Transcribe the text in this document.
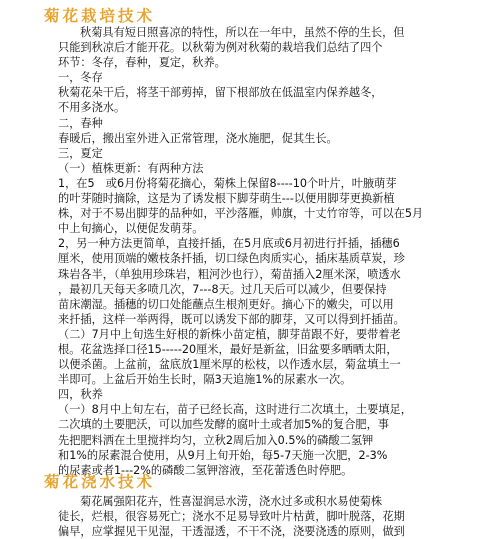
菊花栽培技术
秋菊具有短日照喜凉的特性，所以在一年中，虽然不停的生长，但
只能到秋凉后才能开花。以秋菊为例对秋菊的栽培我们总结了四个
环节：冬存，春种，夏定，秋养。
一，冬存
秋菊花朵干后，将茎干部剪掉，留下根部放在低温室内保养越冬，
不用多浇水。
二，春种
春暖后，搬出室外进入正常管理，浇水施肥，促其生长。
三，夏定
（一）植株更新：有两种方法
1，在5　或6月份将菊花摘心，菊株上保留8----10个叶片，叶腋萌芽
的叶芽随时摘除，这是为了诱发根下脚芽萌生---以便用脚芽更换新植
株，对于不易出脚芽的品种如，平沙落雁，帅旗，十丈竹帘等，可以在5月
中上旬摘心，以便促发萌芽。
2，另一种方法更简单，直接扦插，在5月底或6月初进行扦插，插穗6
厘米，使用顶端的嫩枝条扦插，切口绿色肉质实心，插床基质草炭，珍
珠岩各半，（单独用珍珠岩，粗河沙也行），菊苗插入2厘米深，喷透水
，最初几天每天多喷几次，7---8天。过几天后可以减少，但要保持
苗床潮湿。插穗的切口处能蘸点生根剂更好。摘心下的嫩尖，可以用
来扦插，这样一举两得，既可以诱发下部的脚芽，又可以得到扦插苗。
（二）7月中上旬选生好根的新株小苗定植，脚芽苗跟不好，要带着老
根。花盆选择口径15-----20厘米，最好是新盆，旧盆要多晒晒太阳，
以便杀菌。上盆前，盆底放1厘米厚的松枝，以作透水层，菊盆填土一
半即可。上盆后开始生长时，隔3天追施1%的尿素水一次。
四，秋养
（一）8月中上旬左右，苗子已经长高，这时进行二次填土，土要填足，
二次填的土要肥沃，可以加些发酵的腐叶土或者加5%的复合肥，事
先把肥料洒在土里搅拌均匀，立秋2周后加入0.5%的磷酸二氢钾
和1%的尿素混合使用，从9月上旬开始，每5-7天施一次肥，2-3%
的尿素或者1---2%的磷酸二氢钾溶液，至花蕾透色时停肥。
菊花浇水技术
菊花属强阳花卉，性喜湿润忌水涝，浇水过多或积水易使菊株
徒长，烂根，很容易死亡；浇水不足易导致叶片枯黄，脚叶脱落，花期
偏早，应掌握见干见湿，干透湿透，不干不浇，浇要浇透的原则，做到
